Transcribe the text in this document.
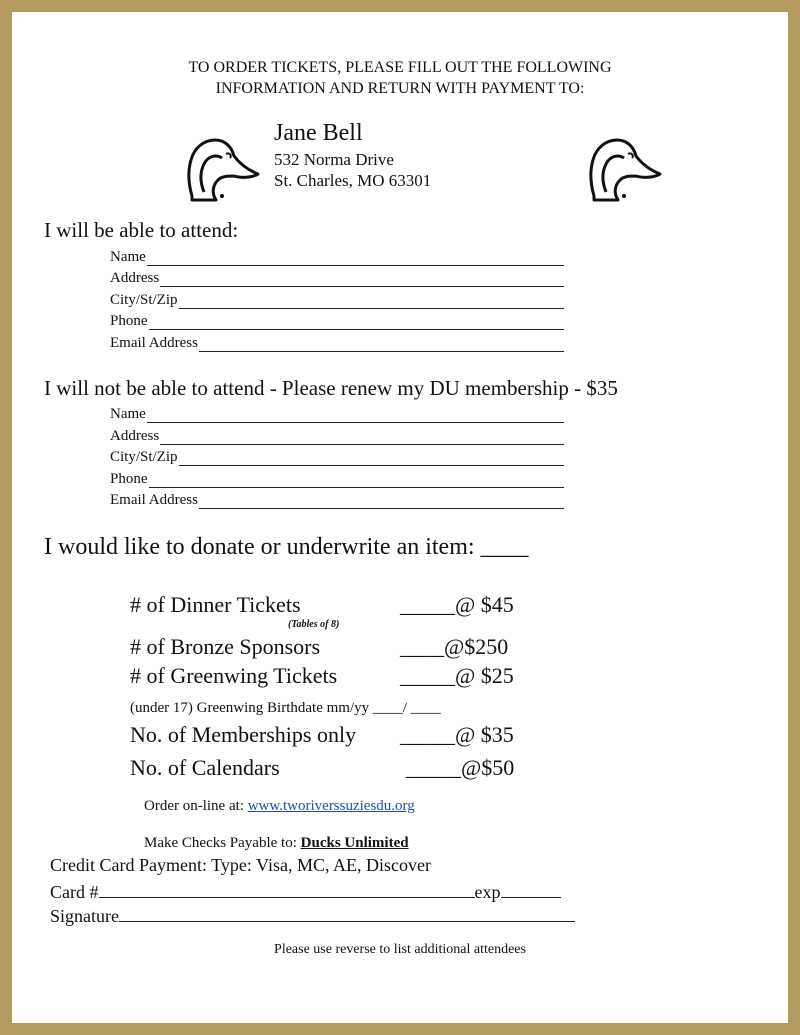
TO ORDER TICKETS, PLEASE FILL OUT THE FOLLOWING
INFORMATION AND RETURN WITH PAYMENT TO:
Jane Bell
532 Norma Drive
St. Charles, MO 63301
I will be able to attend:
Name
Address
City/St/Zip
Phone
Email Address
I will not be able to attend - Please renew my DU membership - $35
Name
Address
City/St/Zip
Phone
Email Address
I would like to donate or underwrite an item: ____
# of Dinner Tickets	_____@ $45
(Tables of 8)
# of Bronze Sponsors	____@$250
# of Greenwing Tickets	_____@ $25
(under 17) Greenwing Birthdate mm/yy ____/ ____
No. of Memberships only _____@ $35
No. of Calendars	_____@$50
Order on-line at: www.tworiverssuziesdu.org
Make Checks Payable to: Ducks Unlimited
Credit Card Payment: Type: Visa, MC, AE, Discover
Card #	exp
Signature
Please use reverse to list additional attendees
